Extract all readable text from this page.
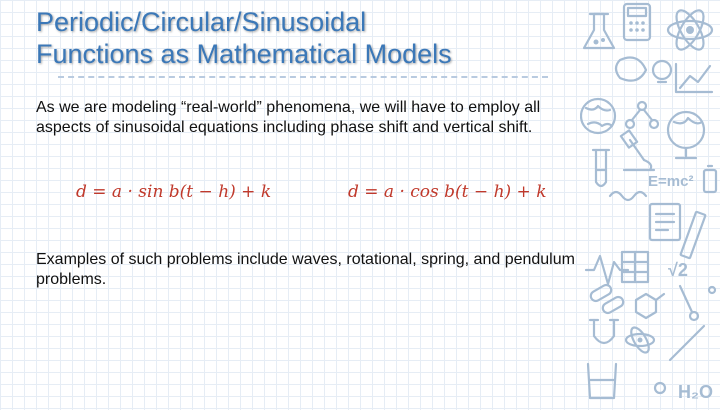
Periodic/Circular/Sinusoidal
Functions as Mathematical Models
As we are modeling “real-world” phenomena, we will have to employ all aspects of sinusoidal equations including phase shift and vertical shift.
d = a · sin b(t − h) + k	d = a · cos b(t − h) + k
Examples of such problems include waves, rotational, spring, and pendulum problems.
E=mc²
√2
H₂O
